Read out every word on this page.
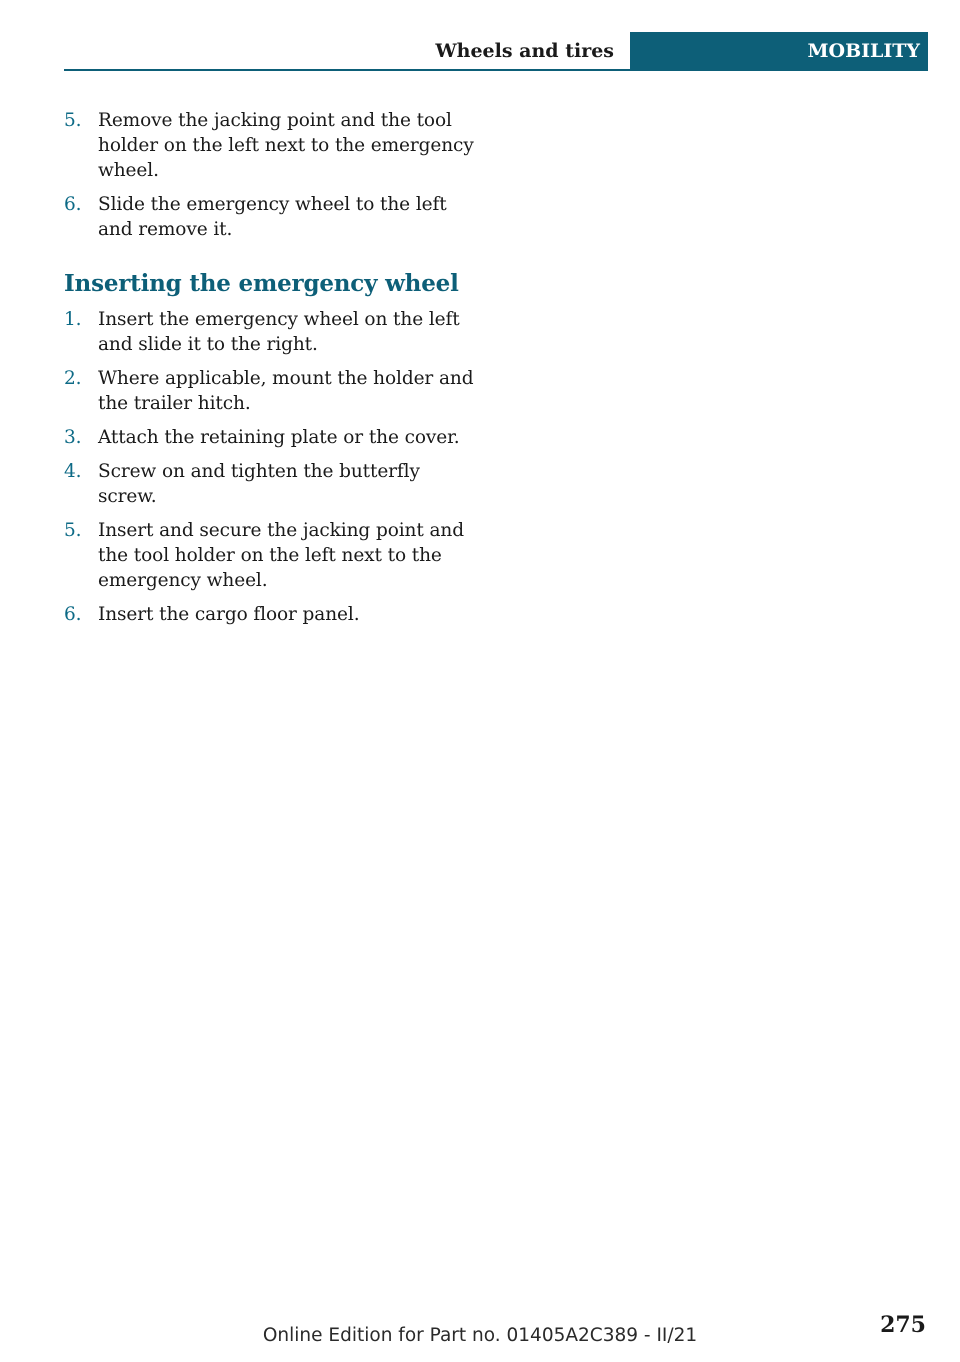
Wheels and tires	MOBILITY
5. Remove the jacking point and the tool holder on the left next to the emergency wheel.
6. Slide the emergency wheel to the left and remove it.
Inserting the emergency wheel
1. Insert the emergency wheel on the left and slide it to the right.
2. Where applicable, mount the holder and the trailer hitch.
3. Attach the retaining plate or the cover.
4. Screw on and tighten the butterfly screw.
5. Insert and secure the jacking point and the tool holder on the left next to the emergency wheel.
6. Insert the cargo floor panel.
275
Online Edition for Part no. 01405A2C389 - II/21
